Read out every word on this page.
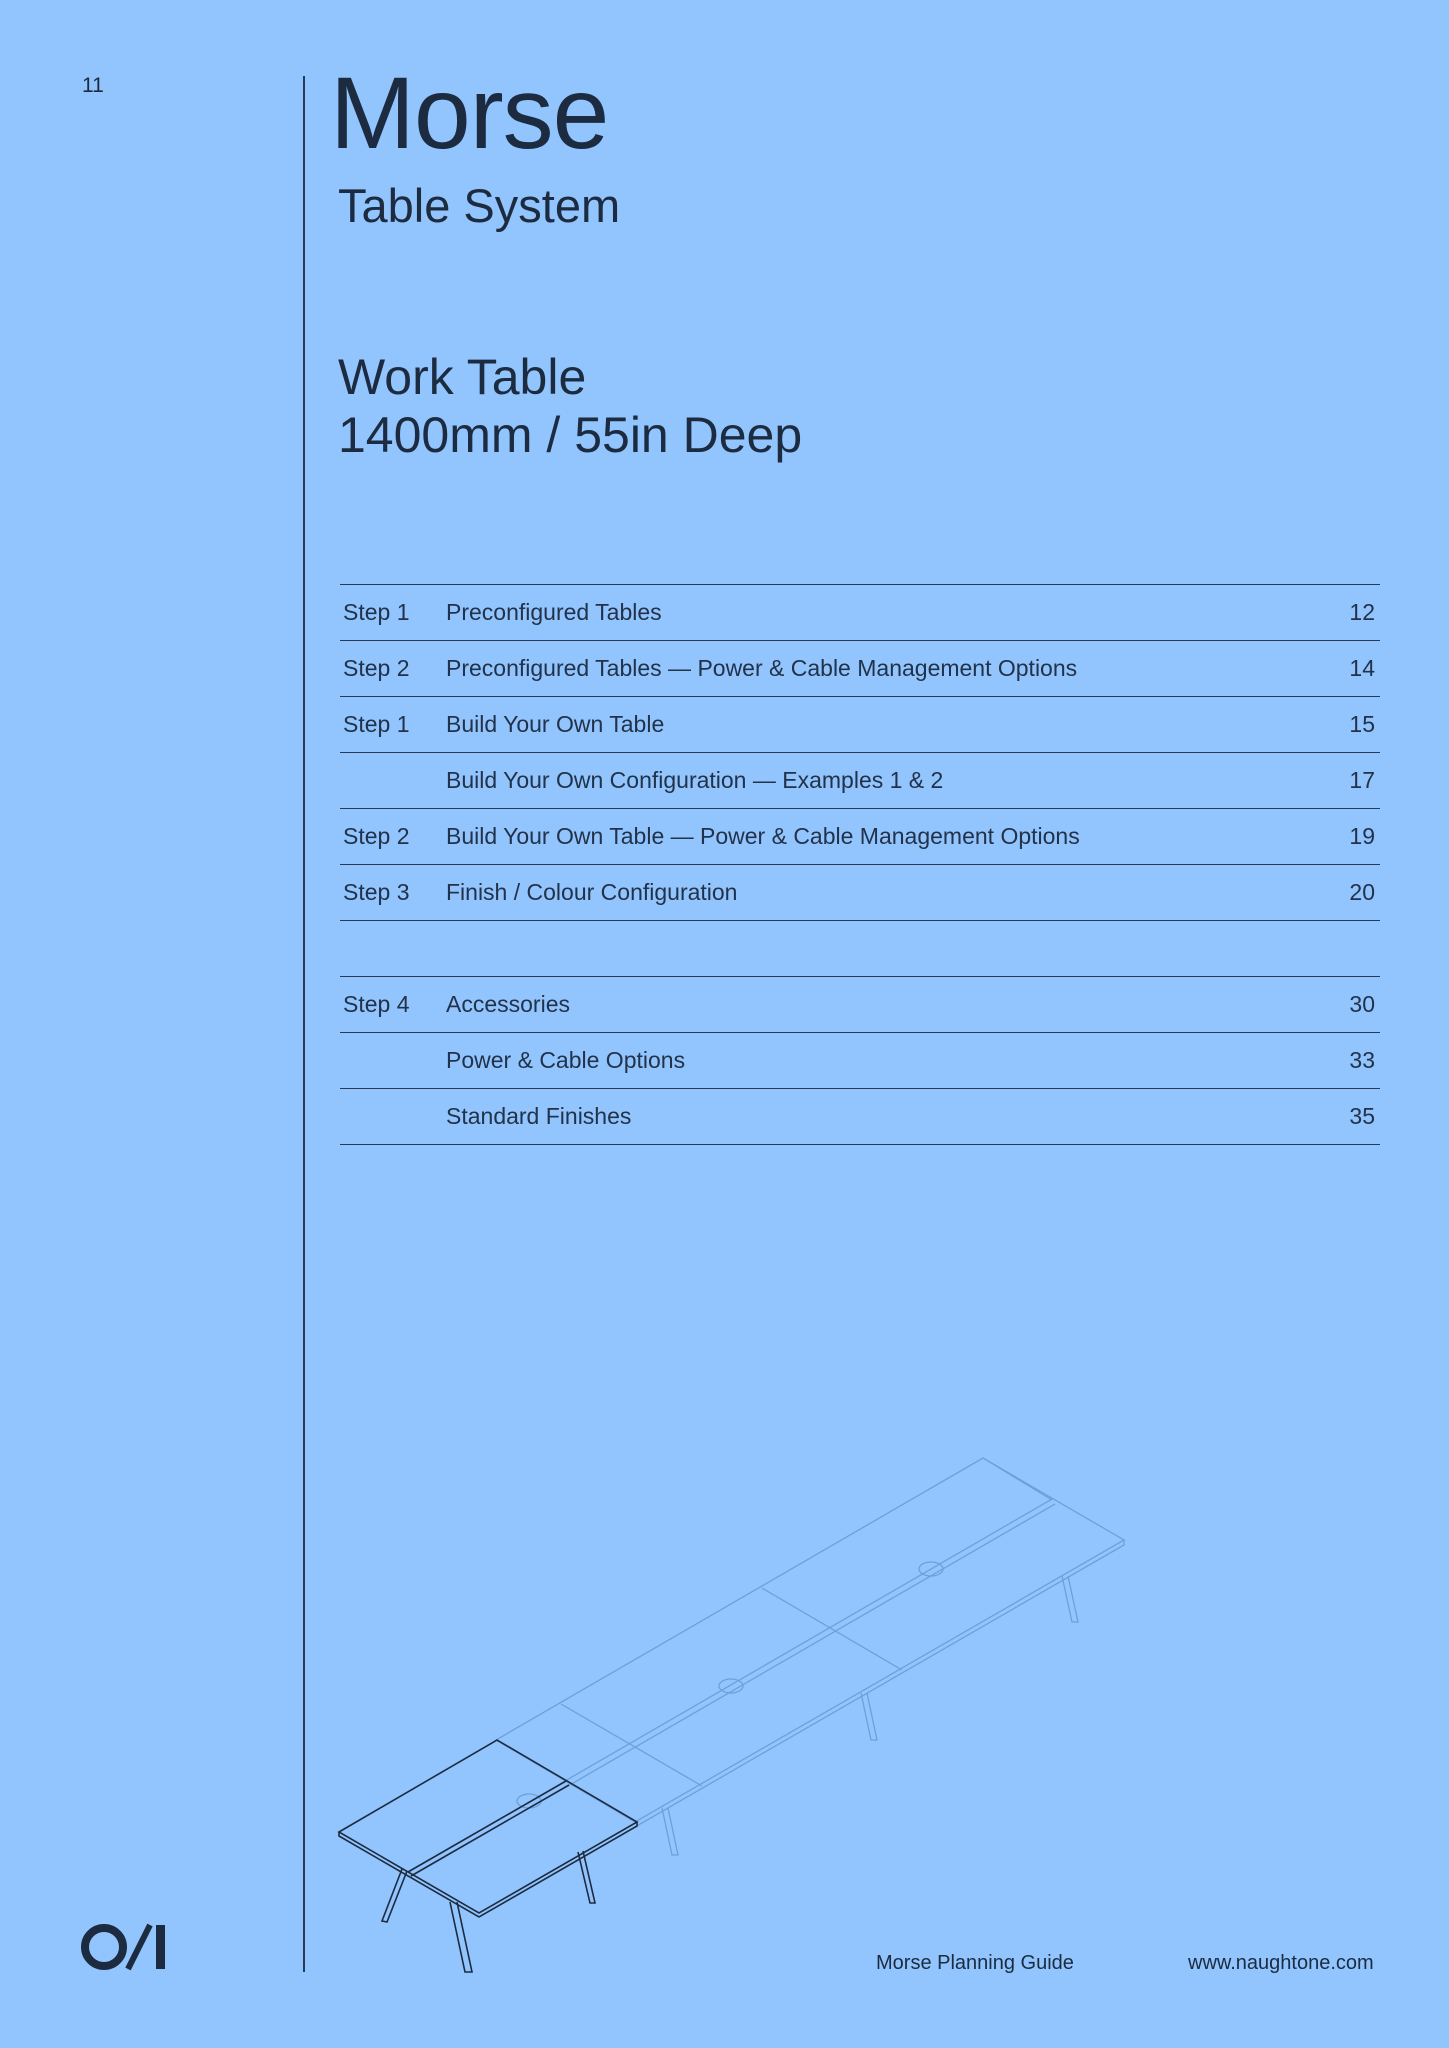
11 Morse
Table System
Work Table
1400mm / 55in Deep
Step 1	Preconfigured Tables	12
Step 2	Preconfigured Tables — Power & Cable Management Options	14
Step 1	Build Your Own Table	15
Build Your Own Configuration — Examples 1 & 2	17
Step 2	Build Your Own Table — Power & Cable Management Options	19
Step 3	Finish / Colour Configuration	20
Step 4	Accessories	30
Power & Cable Options	33
Standard Finishes	35
Morse Planning Guide	www.naughtone.com
